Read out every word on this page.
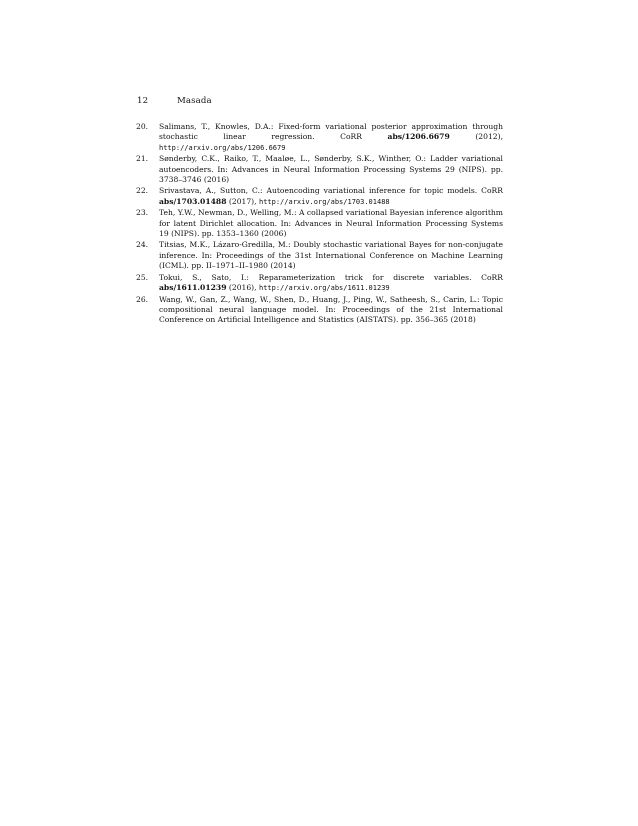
12	Masada
20. Salimans, T., Knowles, D.A.: Fixed-form variational posterior approximation through stochastic linear regression. CoRR abs/1206.6679 (2012), http://arxiv.org/abs/1206.6679
21. Sønderby, C.K., Raiko, T., Maaløe, L., Sønderby, S.K., Winther, O.: Ladder variational autoencoders. In: Advances in Neural Information Processing Systems 29 (NIPS). pp. 3738–3746 (2016)
22. Srivastava, A., Sutton, C.: Autoencoding variational inference for topic models. CoRR abs/1703.01488 (2017), http://arxiv.org/abs/1703.01488
23. Teh, Y.W., Newman, D., Welling, M.: A collapsed variational Bayesian inference algorithm for latent Dirichlet allocation. In: Advances in Neural Information Processing Systems 19 (NIPS). pp. 1353–1360 (2006)
24. Titsias, M.K., Lázaro-Gredilla, M.: Doubly stochastic variational Bayes for non-conjugate inference. In: Proceedings of the 31st International Conference on Machine Learning (ICML). pp. II–1971–II–1980 (2014)
25. Tokui, S., Sato, I.: Reparameterization trick for discrete variables. CoRR abs/1611.01239 (2016), http://arxiv.org/abs/1611.01239
26. Wang, W., Gan, Z., Wang, W., Shen, D., Huang, J., Ping, W., Satheesh, S., Carin, L.: Topic compositional neural language model. In: Proceedings of the 21st International Conference on Artificial Intelligence and Statistics (AISTATS). pp. 356–365 (2018)
